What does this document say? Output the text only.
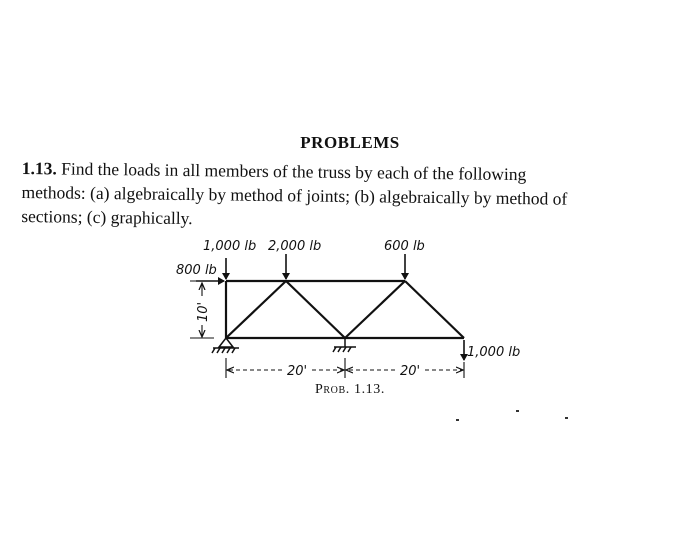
PROBLEMS
1.13. Find the loads in all members of the truss by each of the following
methods: (a) algebraically by method of joints; (b) algebraically by method of
sections; (c) graphically.
800 lb
1,000 lb 2,000 lb	600 lb
1,000 lb
10'
20'	20'
Prob. 1.13.
